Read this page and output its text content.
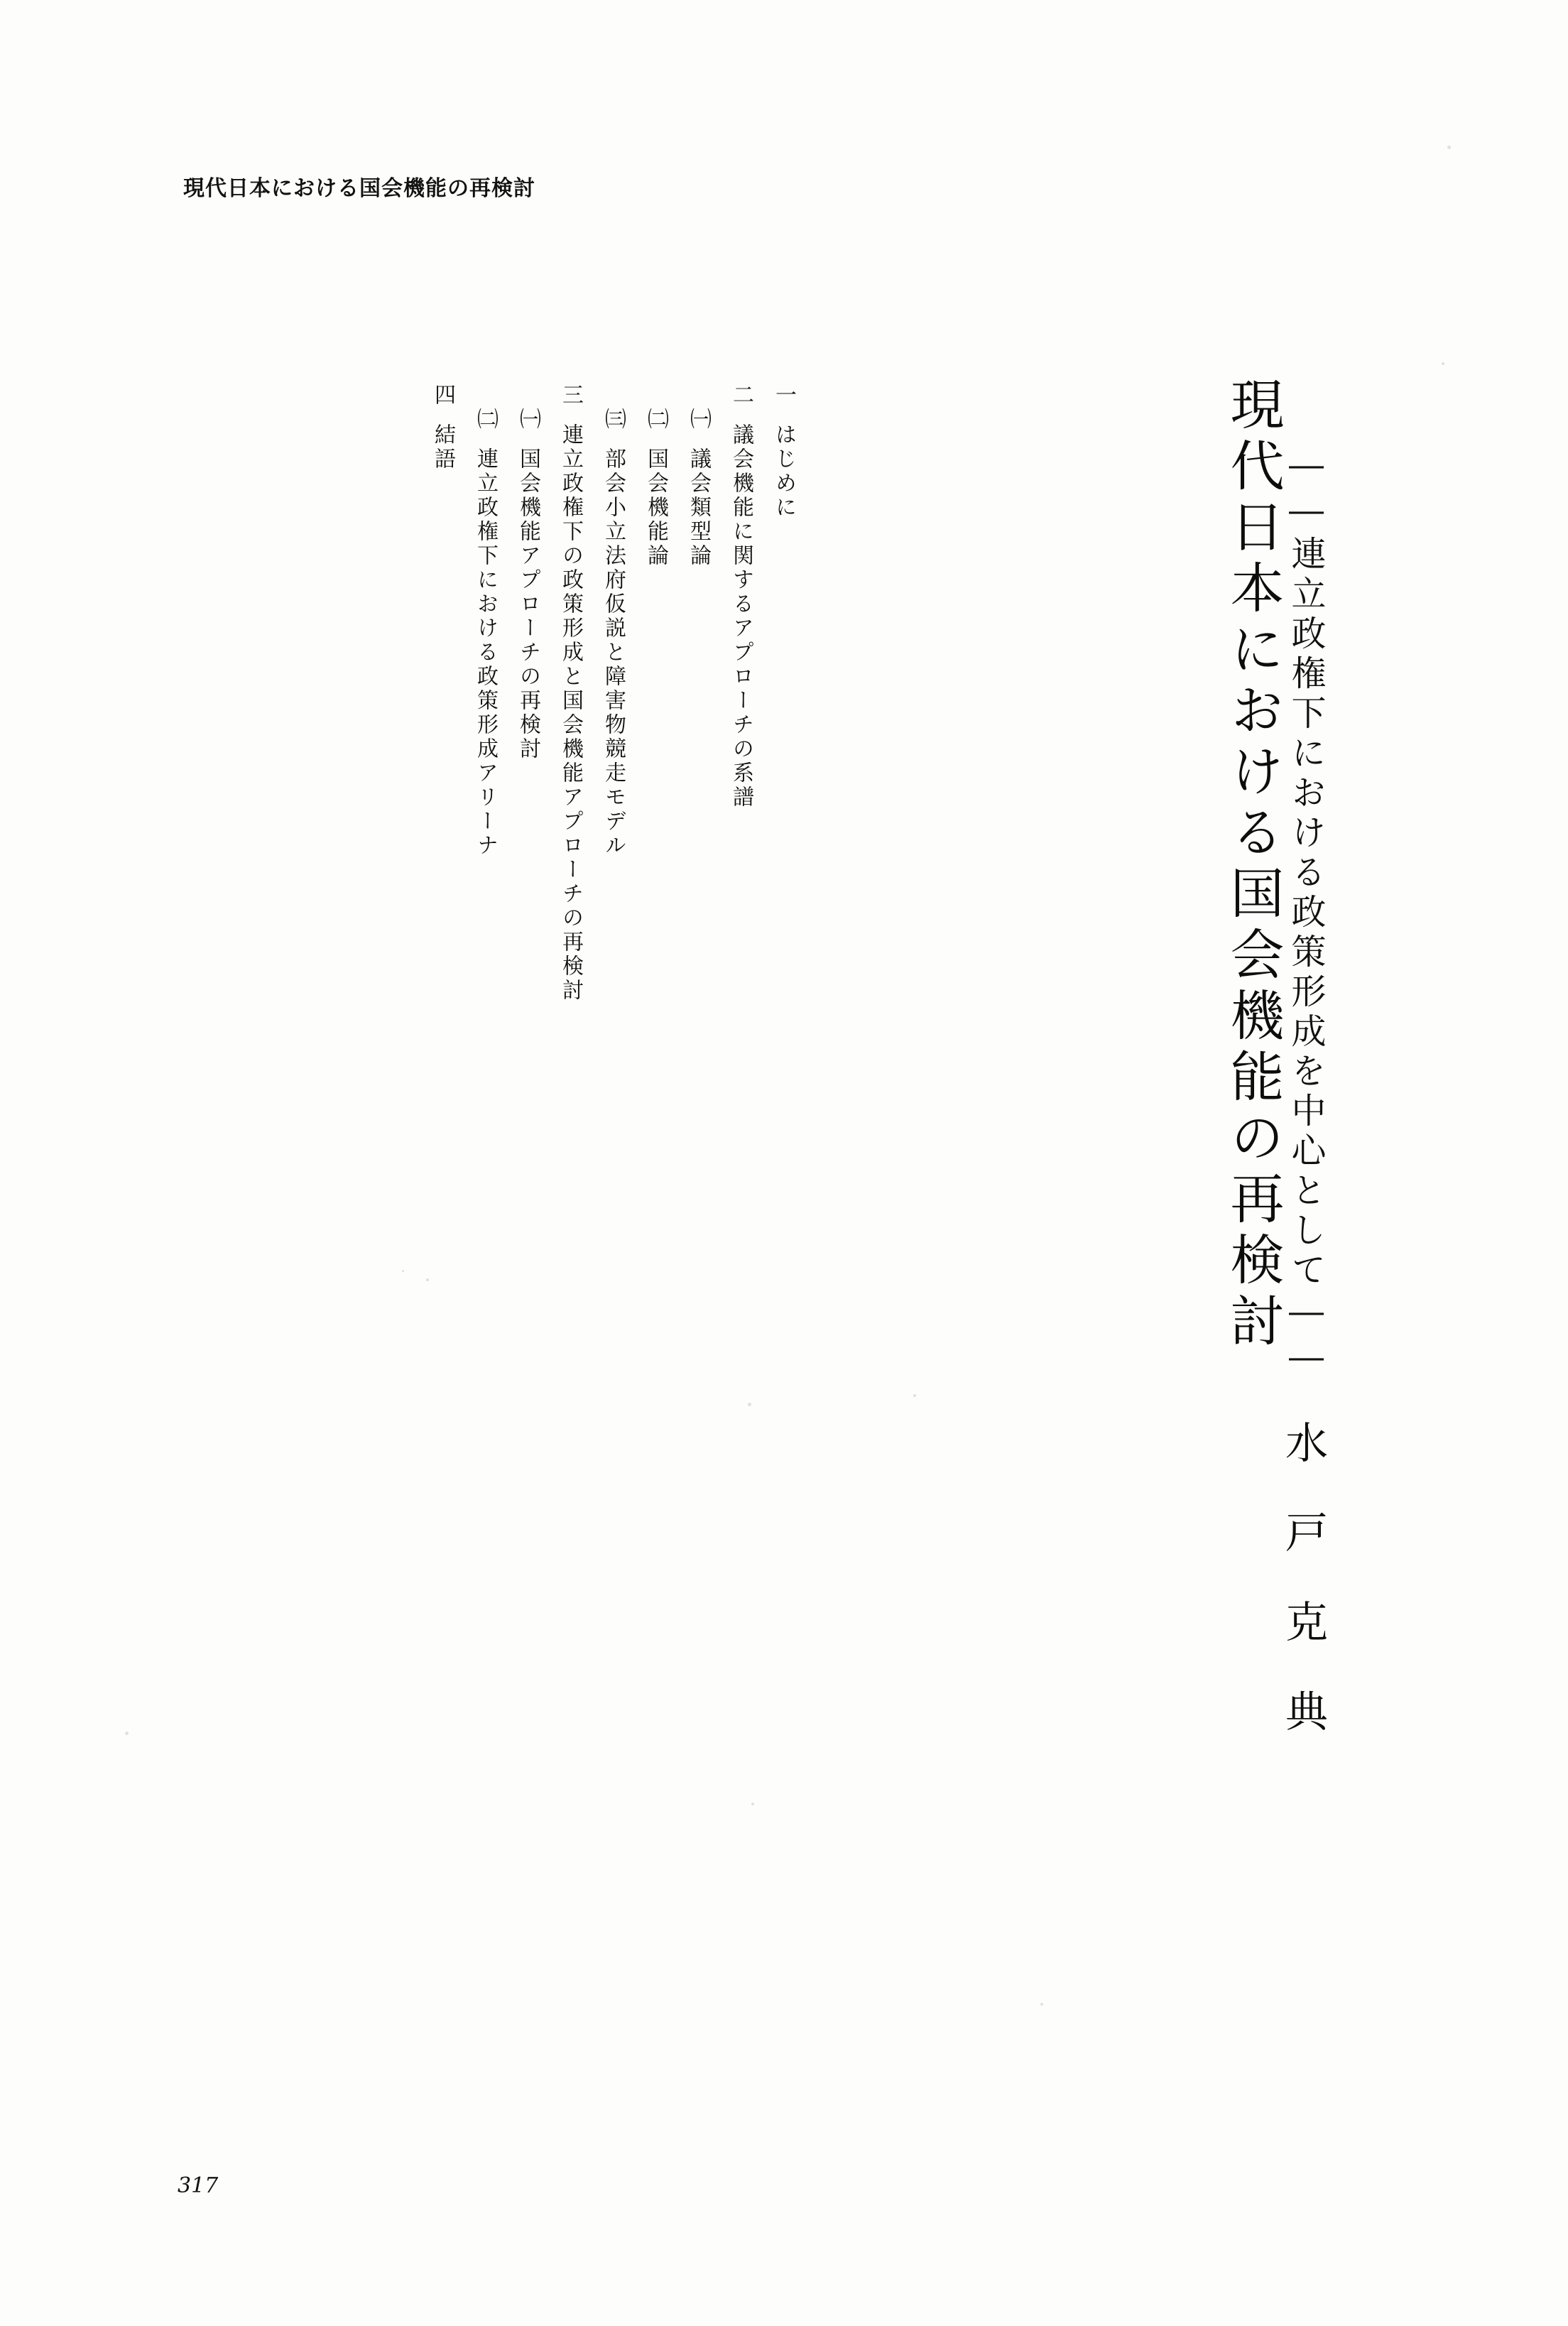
現代日本における国会機能の再検討
現代日本における国会機能の再検討 ――連立政権下における政策形成を中心として――
水戸克典
四結語
㈡連立政権下における政策形成アリーナ
㈠国会機能アプローチの再検討
三連立政権下の政策形成と国会機能アプローチの再検討
㈢部会小立法府仮説と障害物競走モデル
㈡国会機能論
㈠議会類型論
二議会機能に関するアプローチの系譜
一はじめに
317
